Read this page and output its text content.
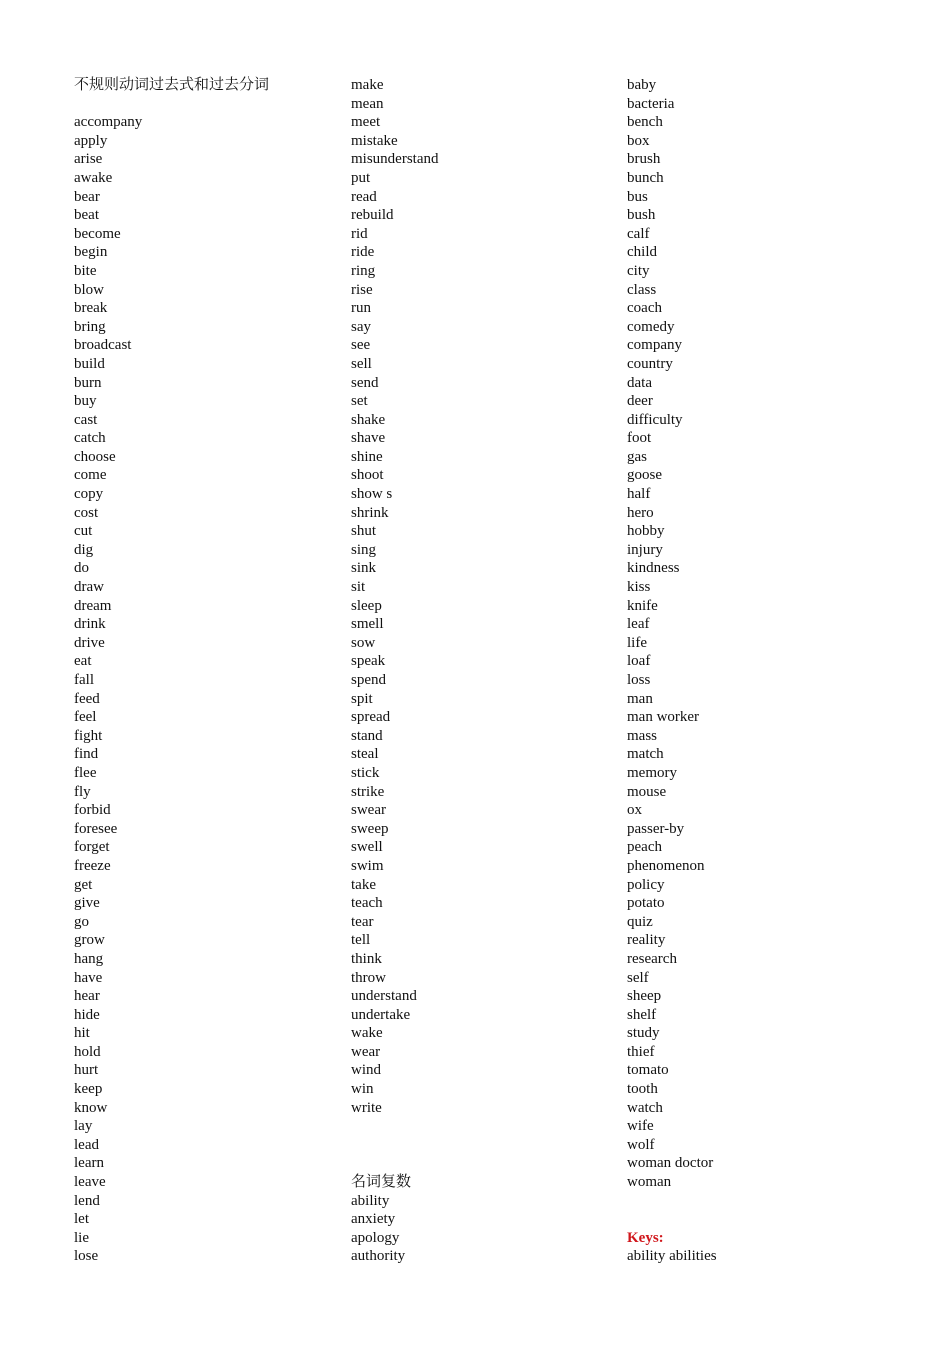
不规则动词过去式和过去分词
accompany
apply
arise
awake
bear
beat
become
begin
bite
blow
break
bring
broadcast
build
burn
buy
cast
catch
choose
come
copy
cost
cut
dig
do
draw
dream
drink
drive
eat
fall
feed
feel
fight
find
flee
fly
forbid
foresee
forget
freeze
get
give
go
grow
hang
have
hear
hide
hit
hold
hurt
keep
know
lay
lead
learn
leave
lend
let
lie
lose
make
mean
meet
mistake
misunderstand
put
read
rebuild
rid
ride
ring
rise
run
say
see
sell
send
set
shake
shave
shine
shoot
show s
shrink
shut
sing
sink
sit
sleep
smell
sow
speak
spend
spit
spread
stand
steal
stick
strike
swear
sweep
swell
swim
take
teach
tear
tell
think
throw
understand
undertake
wake
wear
wind
win
write
名词复数
ability
anxiety
apology
authority
baby
bacteria
bench
box
brush
bunch
bus
bush
calf
child
city
class
coach
comedy
company
country
data
deer
difficulty
foot
gas
goose
half
hero
hobby
injury
kindness
kiss
knife
leaf
life
loaf
loss
man
man worker
mass
match
memory
mouse
ox
passer-by
peach
phenomenon
policy
potato
quiz
reality
research
self
sheep
shelf
study
thief
tomato
tooth
watch
wife
wolf
woman doctor
woman
Keys:
ability abilities
